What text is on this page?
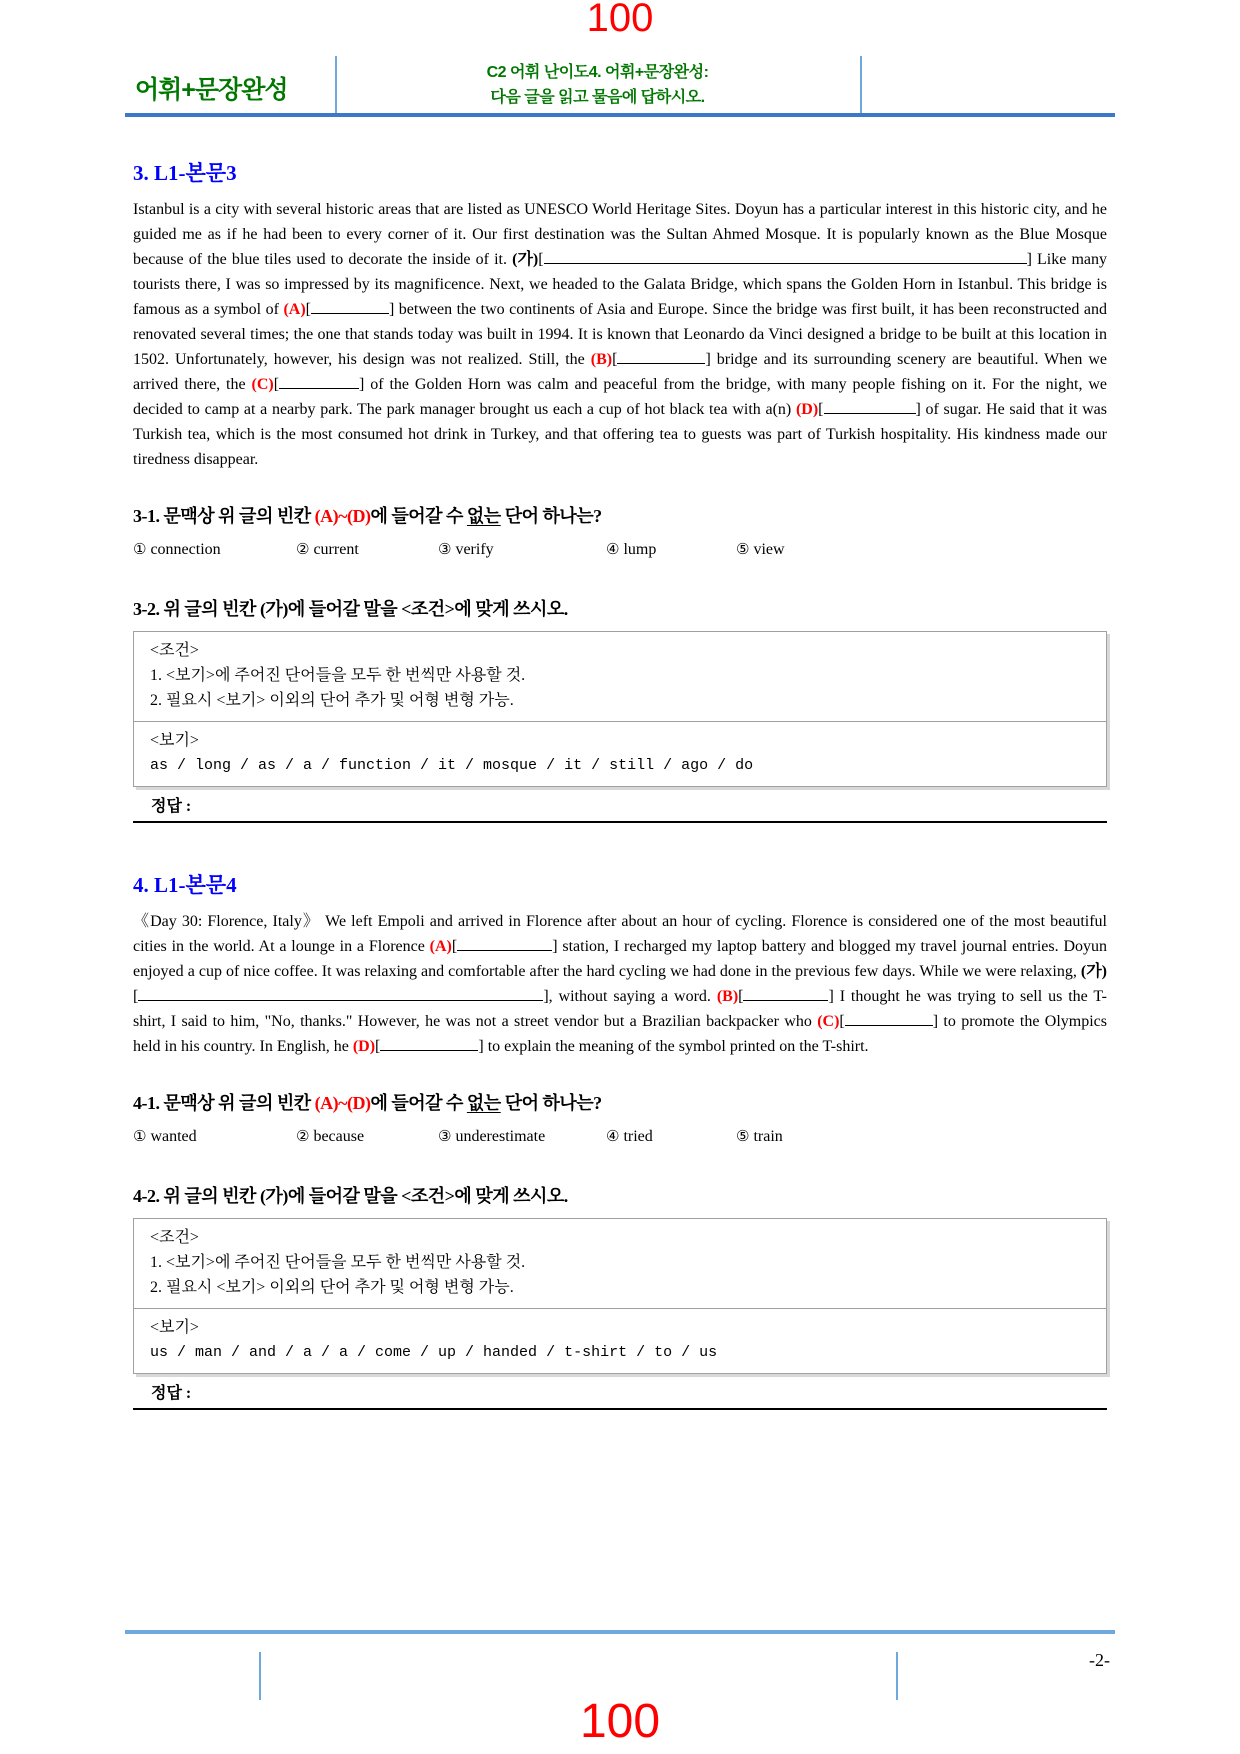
100
어휘+문장완성
C2 어휘 난이도4. 어휘+문장완성:
다음 글을 읽고 물음에 답하시오.
3. L1-본문3
Istanbul is a city with several historic areas that are listed as UNESCO World Heritage Sites. Doyun has a particular interest in this historic city, and he guided me as if he had been to every corner of it. Our first destination was the Sultan Ahmed Mosque. It is popularly known as the Blue Mosque because of the blue tiles used to decorate the inside of it. (가)[	] Like many tourists there, I was so impressed by its magnificence. Next, we headed to the Galata Bridge, which spans the Golden Horn in Istanbul. This bridge is famous as a symbol of (A)[	] between the two continents of Asia and Europe. Since the bridge was first built, it has been reconstructed and renovated several times; the one that stands today was built in 1994. It is known that Leonardo da Vinci designed a bridge to be built at this location in 1502. Unfortunately, however, his design was not realized. Still, the (B)[	] bridge and its surrounding scenery are beautiful. When we arrived there, the (C)[	] of the Golden Horn was calm and peaceful from the bridge, with many people fishing on it. For the night, we decided to camp at a nearby park. The park manager brought us each a cup of hot black tea with a(n) (D)[	] of sugar. He said that it was Turkish tea, which is the most consumed hot drink in Turkey, and that offering tea to guests was part of Turkish hospitality. His kindness made our tiredness disappear.
3-1. 문맥상 위 글의 빈칸 (A)~(D)에 들어갈 수 없는 단어 하나는?
① connection	② current	③ verify	④ lump	⑤ view
3-2. 위 글의 빈칸 (가)에 들어갈 말을 <조건>에 맞게 쓰시오.
<조건>
1. <보기>에 주어진 단어들을 모두 한 번씩만 사용할 것.
2. 필요시 <보기> 이외의 단어 추가 및 어형 변형 가능.
<보기>
as / long / as / a / function / it / mosque / it / still / ago / do
정답 :
4. L1-본문4
《Day 30: Florence, Italy》 We left Empoli and arrived in Florence after about an hour of cycling. Florence is considered one of the most beautiful cities in the world. At a lounge in a Florence (A)[	] station, I recharged my laptop battery and blogged my travel journal entries. Doyun enjoyed a cup of nice coffee. It was relaxing and comfortable after the hard cycling we had done in the previous few days. While we were relaxing, (가)[	], without saying a word. (B)[	] I thought he was trying to sell us the T-shirt, I said to him, "No, thanks." However, he was not a street vendor but a Brazilian backpacker who (C)[	] to promote the Olympics held in his country. In English, he (D)[	] to explain the meaning of the symbol printed on the T-shirt.
4-1. 문맥상 위 글의 빈칸 (A)~(D)에 들어갈 수 없는 단어 하나는?
① wanted	② because	③ underestimate	④ tried	⑤ train
4-2. 위 글의 빈칸 (가)에 들어갈 말을 <조건>에 맞게 쓰시오.
<조건>
1. <보기>에 주어진 단어들을 모두 한 번씩만 사용할 것.
2. 필요시 <보기> 이외의 단어 추가 및 어형 변형 가능.
<보기>
us / man / and / a / a / come / up / handed / t-shirt / to / us
정답 :
-2-
100
